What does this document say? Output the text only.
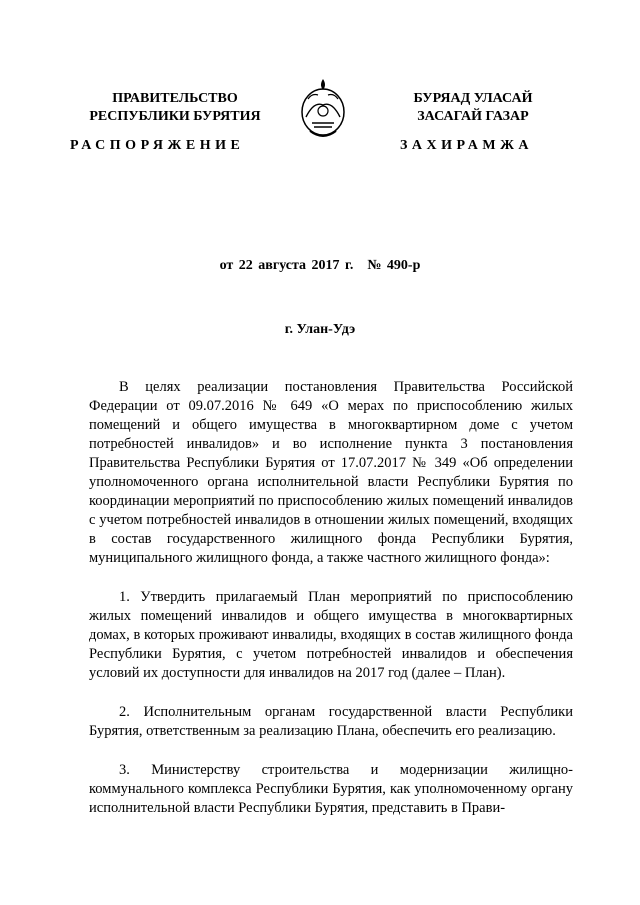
ПРАВИТЕЛЬСТВО
РЕСПУБЛИКИ БУРЯТИЯ
РАСПОРЯЖЕНИЕ
БУРЯАД УЛАСАЙ
ЗАСАГАЙ ГАЗАР
ЗАХИРАМЖА
от 22 августа 2017 г. № 490-р
г. Улан-Удэ

В целях реализации постановления Правительства Российской Федерации от 09.07.2016 № 649 «О мерах по приспособлению жилых помещений и общего имущества в многоквартирном доме с учетом потребностей инвалидов» и во исполнение пункта 3 постановления Правительства Республики Бурятия от 17.07.2017 № 349 «Об определении уполномоченного органа исполнительной власти Республики Бурятия по координации мероприятий по приспособлению жилых помещений инвалидов с учетом потребностей инвалидов в отношении жилых помещений, входящих в состав государственного жилищного фонда Республики Бурятия, муниципального жилищного фонда, а также частного жилищного фонда»:

1. Утвердить прилагаемый План мероприятий по приспособлению жилых помещений инвалидов и общего имущества в многоквартирных домах, в которых проживают инвалиды, входящих в состав жилищного фонда Республики Бурятия, с учетом потребностей инвалидов и обеспечения условий их доступности для инвалидов на 2017 год (далее – План).

2. Исполнительным органам государственной власти Республики Бурятия, ответственным за реализацию Плана, обеспечить его реализацию.

3. Министерству строительства и модернизации жилищно-коммунального комплекса Республики Бурятия, как уполномоченному органу исполнительной власти Республики Бурятия, представить в Прави-
